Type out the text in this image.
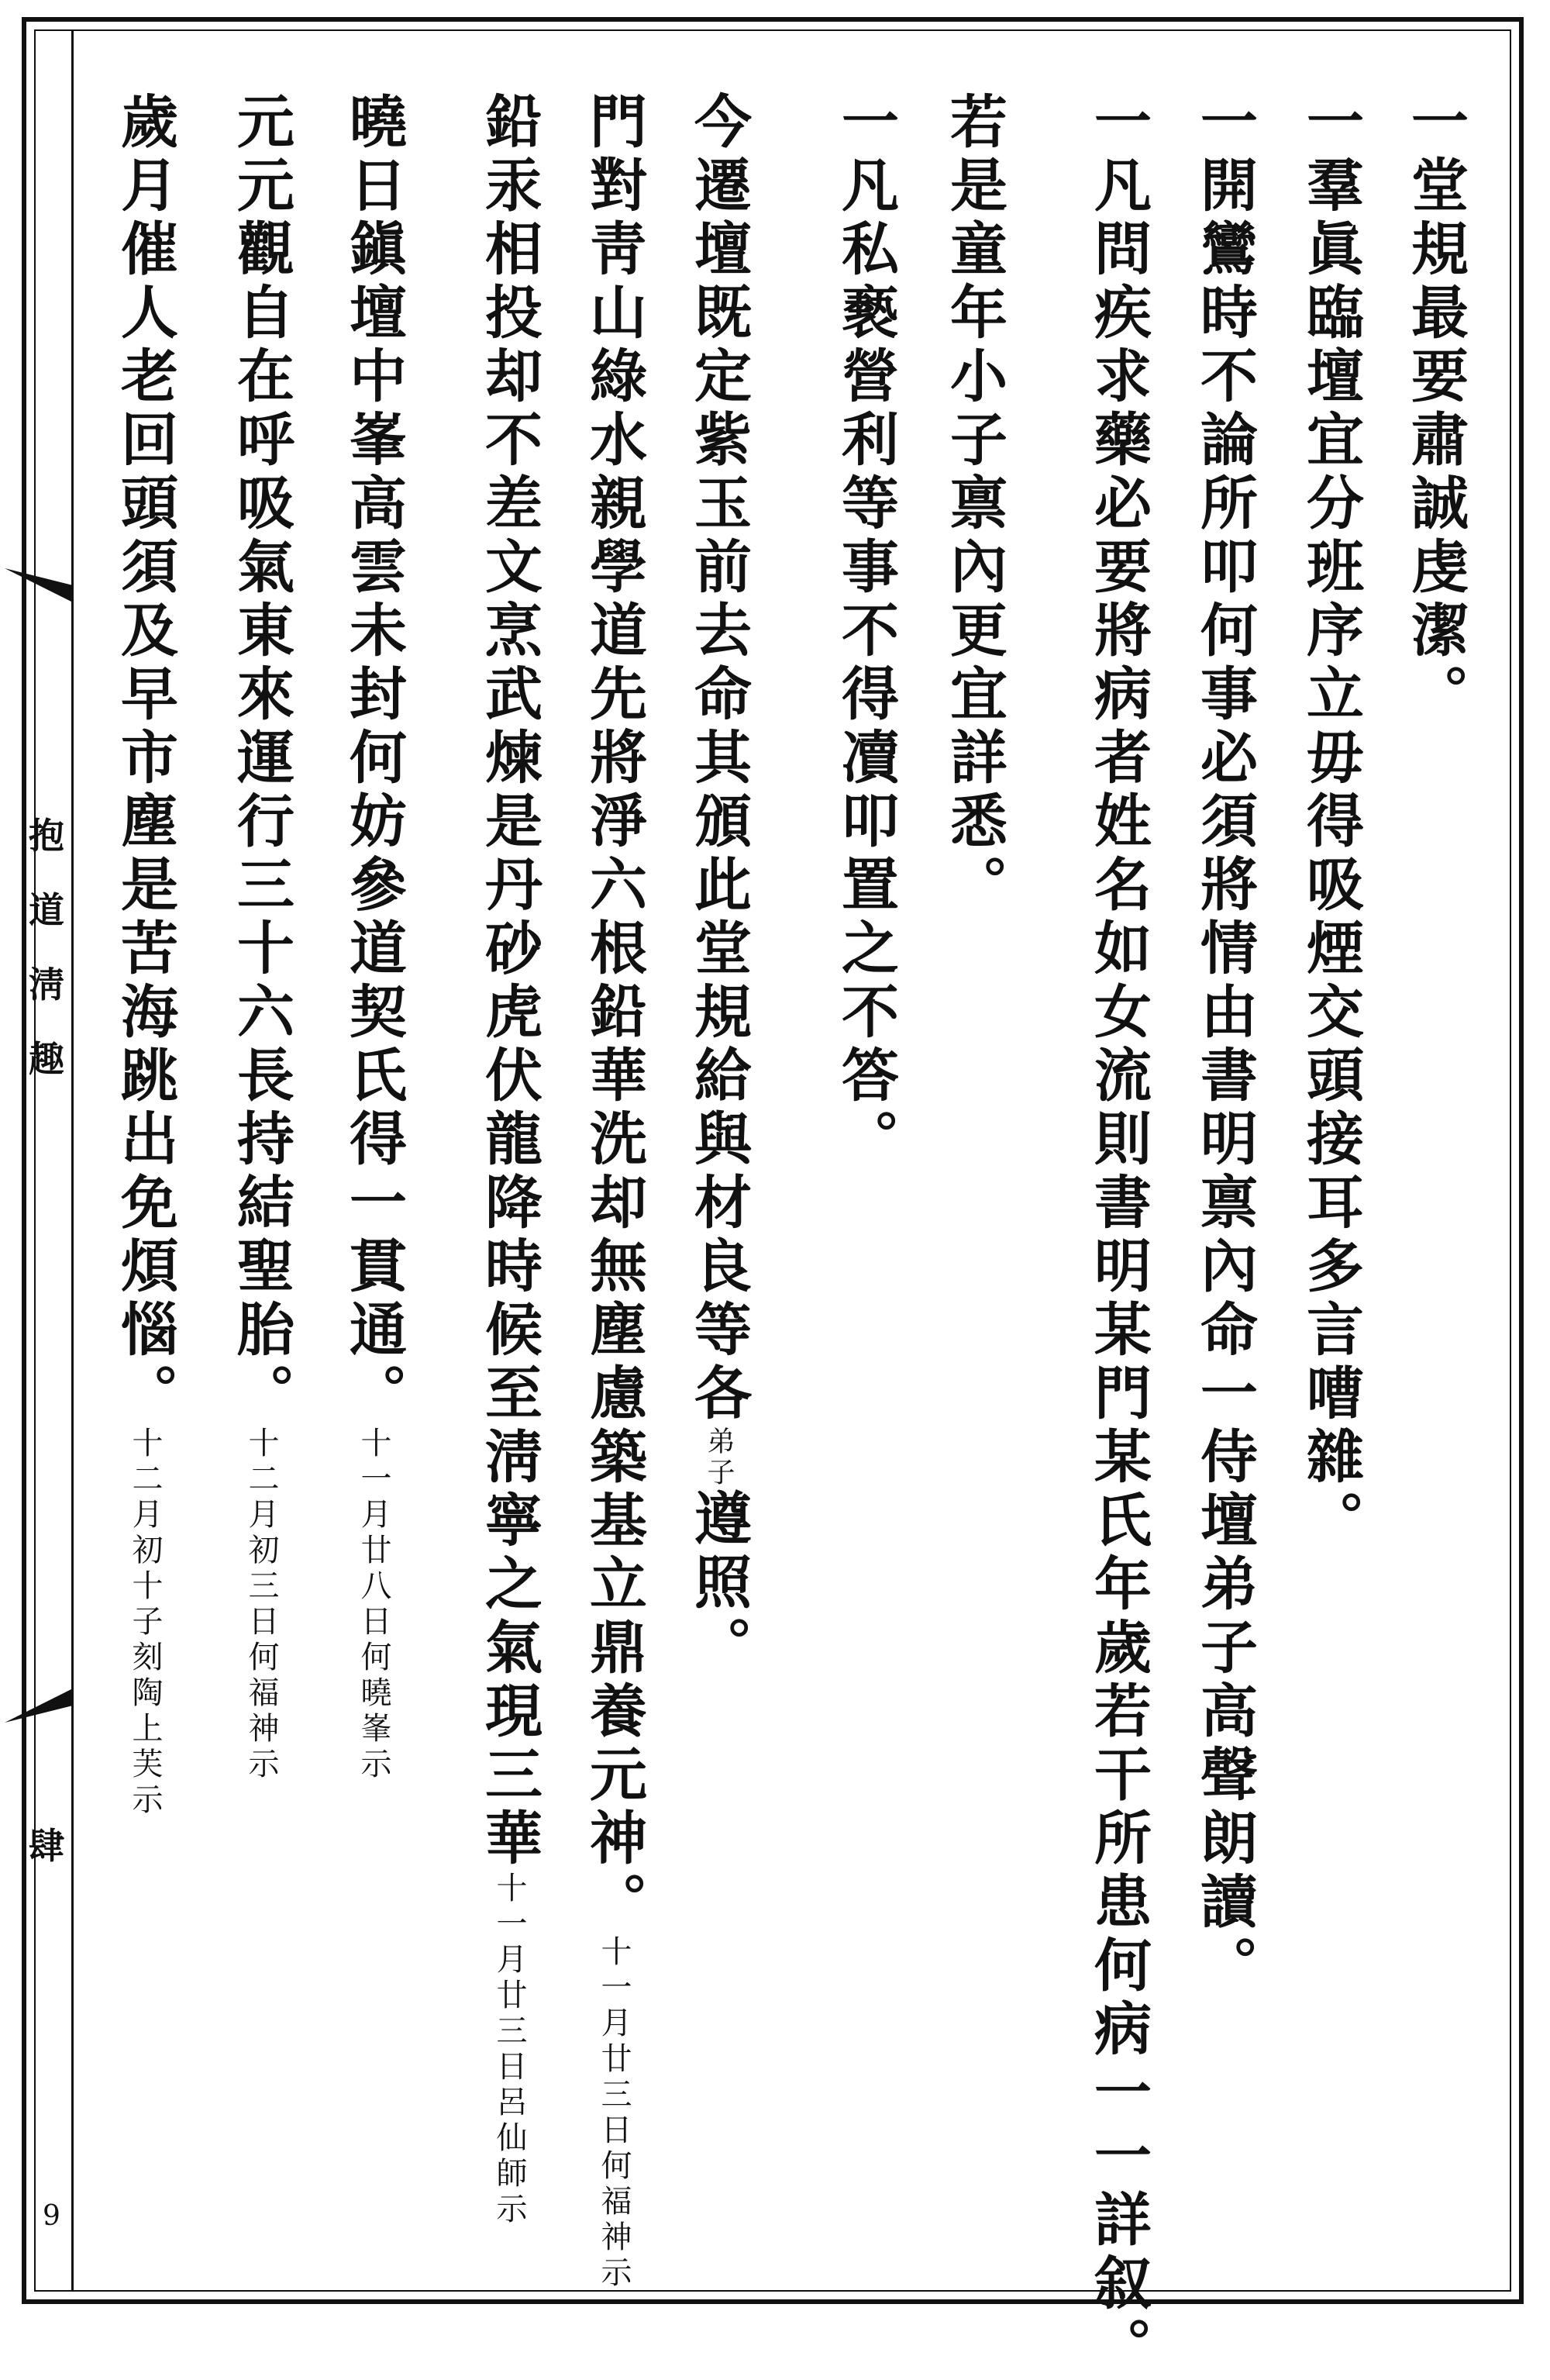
抱
道
淸
趣
肆
9
一堂規最要肅誠虔潔。
一羣眞臨壇宜分班序立毋得吸煙交頭接耳多言嘈雜。
一開鸞時不論所叩何事必須將情由書明禀內命一侍壇弟子高聲朗讀。
一凡問疾求藥必要將病者姓名如女流則書明某門某氏年歲若干所患何病一一詳叙。
若是童年小子禀內更宜詳悉。
一凡私褻營利等事不得凟叩置之不答。
今遷壇既定紫玉前去命其頒此堂規給與材良等各弟子遵照。
門對靑山綠水親學道先將淨六根鉛華洗却無塵慮築基立鼎養元神。十一月廿三日何福神示
鉛汞相投却不差文烹武煉是丹砂虎伏龍降時候至淸寧之氣現三華十一月廿三日呂仙師示
曉日鎭壇中峯高雲未封何妨參道契氏得一貫通。十一月廿八日何曉峯示
元元觀自在呼吸氣東來運行三十六長持結聖胎。十二月初三日何福神示
歲月催人老回頭須及早市塵是苦海跳出免煩惱。十二月初十子刻陶上芙示
